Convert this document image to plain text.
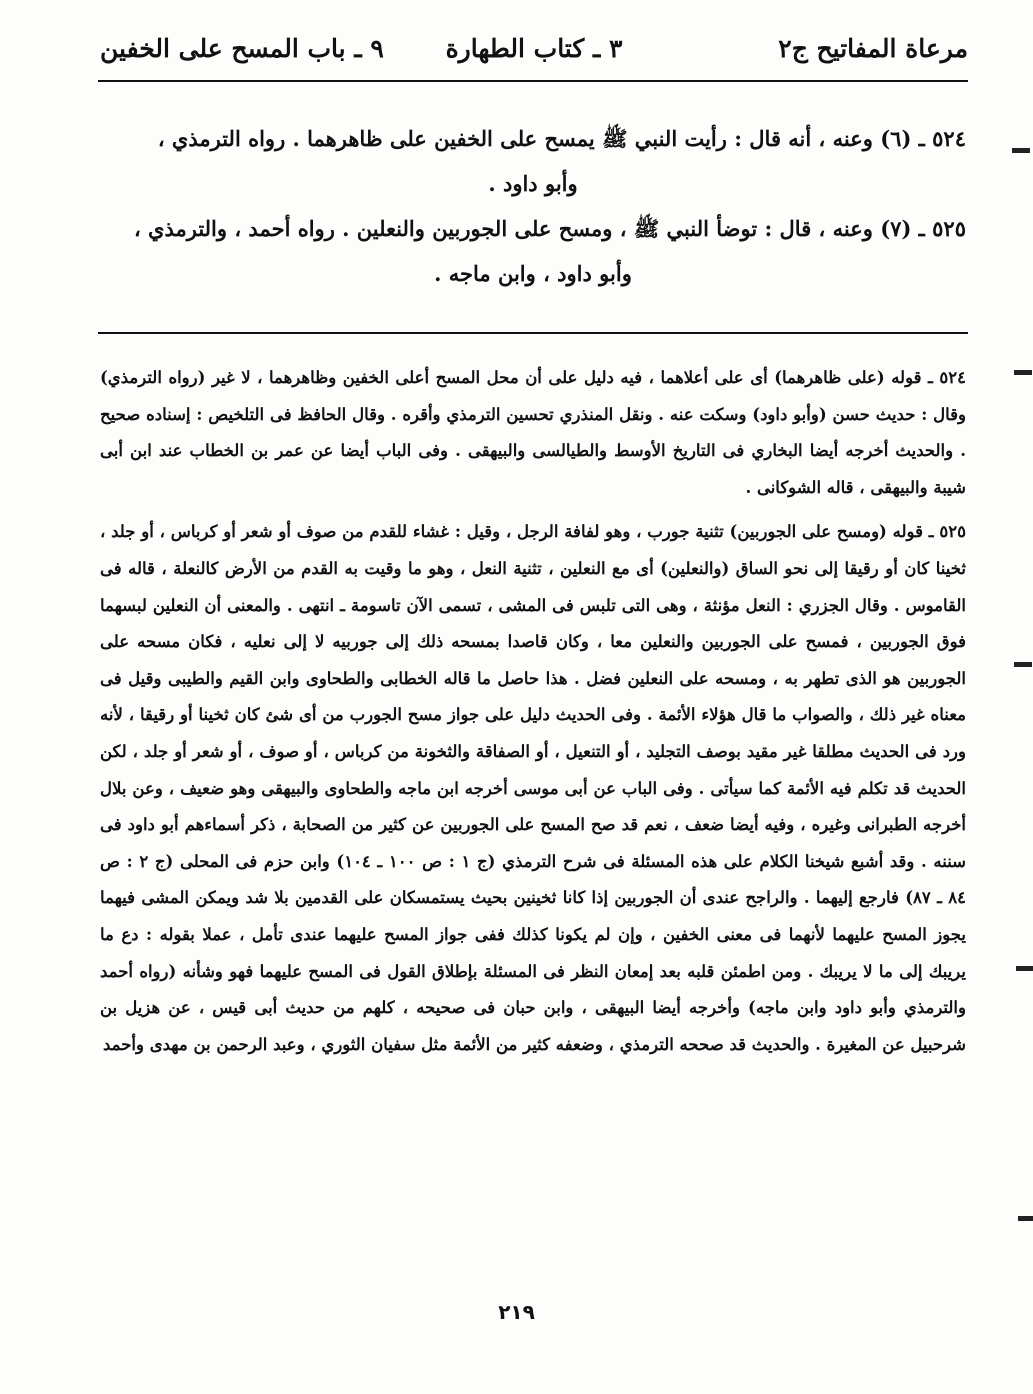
مرعاة المفاتيح ج٢
٣ ـ كتاب الطهارة
٩ ـ باب المسح على الخفين

٥٢٤ ـ (٦) وعنه ، أنه قال : رأيت النبي ﷺ يمسح على الخفين على ظاهرهما . رواه الترمذي ،

وأبو داود .

٥٢٥ ـ (٧) وعنه ، قال : توضأ النبي ﷺ ، ومسح على الجوربين والنعلين . رواه أحمد ، والترمذي ،

وأبو داود ، وابن ماجه .

٥٢٤ ـ قوله (على ظاهرهما) أى على أعلاهما ، فيه دليل على أن محل المسح أعلى الخفين وظاهرهما ، لا غير (رواه الترمذي) وقال : حديث حسن (وأبو داود) وسكت عنه . ونقل المنذري تحسين الترمذي وأقره . وقال الحافظ فى التلخيص : إسناده صحيح . والحديث أخرجه أيضا البخاري فى التاريخ الأوسط والطيالسى والبيهقى . وفى الباب أيضا عن عمر بن الخطاب عند ابن أبى شيبة والبيهقى ، قاله الشوكانى .

٥٢٥ ـ قوله (ومسح على الجوربين) تثنية جورب ، وهو لفافة الرجل ، وقيل : غشاء للقدم من صوف أو شعر أو كرباس ، أو جلد ، ثخينا كان أو رقيقا إلى نحو الساق (والنعلين) أى مع النعلين ، تثنية النعل ، وهو ما وقيت به القدم من الأرض كالنعلة ، قاله فى القاموس . وقال الجزري : النعل مؤنثة ، وهى التى تلبس فى المشى ، تسمى الآن تاسومة ـ انتهى . والمعنى أن النعلين لبسهما فوق الجوربين ، فمسح على الجوربين والنعلين معا ، وكان قاصدا بمسحه ذلك إلى جوربيه لا إلى نعليه ، فكان مسحه على الجوربين هو الذى تطهر به ، ومسحه على النعلين فضل . هذا حاصل ما قاله الخطابى والطحاوى وابن القيم والطيبى وقيل فى معناه غير ذلك ، والصواب ما قال هؤلاء الأئمة . وفى الحديث دليل على جواز مسح الجورب من أى شئ كان ثخينا أو رقيقا ، لأنه ورد فى الحديث مطلقا غير مقيد بوصف التجليد ، أو التنعيل ، أو الصفاقة والثخونة من كرباس ، أو صوف ، أو شعر أو جلد ، لكن الحديث قد تكلم فيه الأئمة كما سيأتى . وفى الباب عن أبى موسى أخرجه ابن ماجه والطحاوى والبيهقى وهو ضعيف ، وعن بلال أخرجه الطبرانى وغيره ، وفيه أيضا ضعف ، نعم قد صح المسح على الجوربين عن كثير من الصحابة ، ذكر أسماءهم أبو داود فى سننه . وقد أشبع شيخنا الكلام على هذه المسئلة فى شرح الترمذي (ج ١ : ص ١٠٠ ـ ١٠٤) وابن حزم فى المحلى (ج ٢ : ص ٨٤ ـ ٨٧) فارجع إليهما . والراجح عندى أن الجوربين إذا كانا ثخينين بحيث يستمسكان على القدمين بلا شد ويمكن المشى فيهما يجوز المسح عليهما لأنهما فى معنى الخفين ، وإن لم يكونا كذلك ففى جواز المسح عليهما عندى تأمل ، عملا بقوله : دع ما يريبك إلى ما لا يريبك . ومن اطمئن قلبه بعد إمعان النظر فى المسئلة بإطلاق القول فى المسح عليهما فهو وشأنه (رواه أحمد والترمذي وأبو داود وابن ماجه) وأخرجه أيضا البيهقى ، وابن حبان فى صحيحه ، كلهم من حديث أبى قيس ، عن هزيل بن شرحبيل عن المغيرة . والحديث قد صححه الترمذي ، وضعفه كثير من الأئمة مثل سفيان الثوري ، وعبد الرحمن بن مهدى وأحمد

٢١٩
